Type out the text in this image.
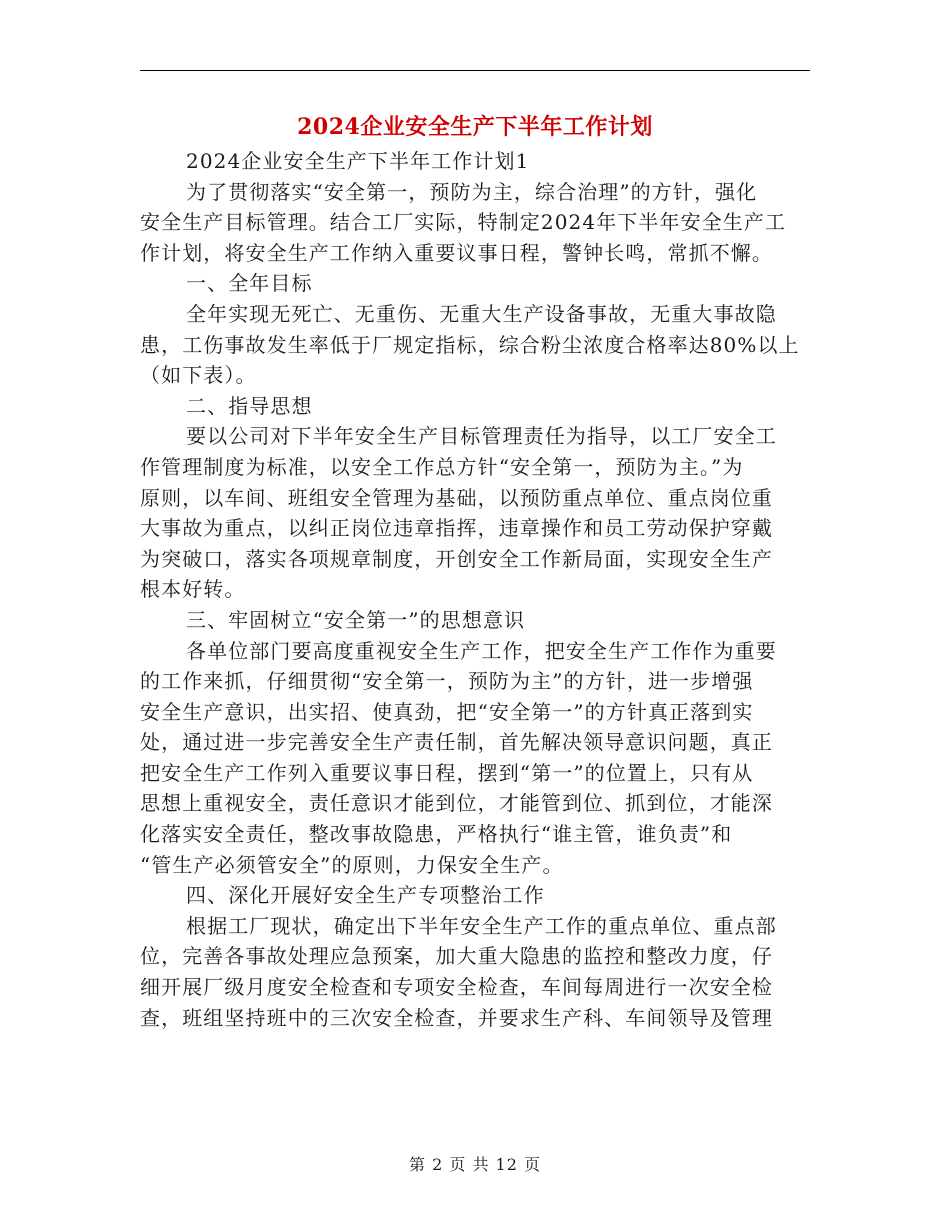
2024企业安全生产下半年工作计划

2024企业安全生产下半年工作计划1

为了贯彻落实“安全第一，预防为主，综合治理”的方针，强化

安全生产目标管理。结合工厂实际，特制定2024年下半年安全生产工

作计划，将安全生产工作纳入重要议事日程，警钟长鸣，常抓不懈。

一、全年目标

全年实现无死亡、无重伤、无重大生产设备事故，无重大事故隐

患，工伤事故发生率低于厂规定指标，综合粉尘浓度合格率达80%以上

（如下表）。

二、指导思想

要以公司对下半年安全生产目标管理责任为指导，以工厂安全工

作管理制度为标准，以安全工作总方针“安全第一，预防为主。”为

原则，以车间、班组安全管理为基础，以预防重点单位、重点岗位重

大事故为重点，以纠正岗位违章指挥，违章操作和员工劳动保护穿戴

为突破口，落实各项规章制度，开创安全工作新局面，实现安全生产

根本好转。

三、牢固树立“安全第一”的思想意识

各单位部门要高度重视安全生产工作，把安全生产工作作为重要

的工作来抓，仔细贯彻“安全第一，预防为主”的方针，进一步增强

安全生产意识，出实招、使真劲，把“安全第一”的方针真正落到实

处，通过进一步完善安全生产责任制，首先解决领导意识问题，真正

把安全生产工作列入重要议事日程，摆到“第一”的位置上，只有从

思想上重视安全，责任意识才能到位，才能管到位、抓到位，才能深

化落实安全责任，整改事故隐患，严格执行“谁主管，谁负责”和

“管生产必须管安全”的原则，力保安全生产。

四、深化开展好安全生产专项整治工作

根据工厂现状，确定出下半年安全生产工作的重点单位、重点部

位，完善各事故处理应急预案，加大重大隐患的监控和整改力度，仔

细开展厂级月度安全检查和专项安全检查，车间每周进行一次安全检

查，班组坚持班中的三次安全检查，并要求生产科、车间领导及管理

第 2 页 共 12 页
